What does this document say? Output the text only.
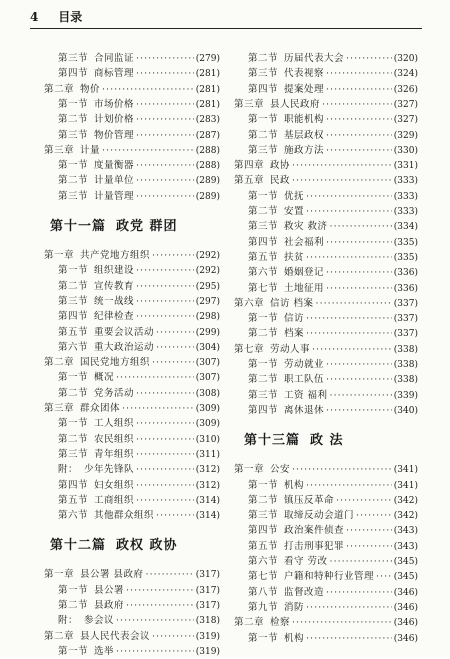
4 目录
第三节 合同监证 ·····	(279)
第四节 商标管理 ·····	(281)
第二章 物价 ·····	(281)
第一节 市场价格 ·····	(281)
第二节 计划价格 ·····	(283)
第三节 物价管理 ·····	(287)
第三章 计量 ·····	(288)
第一节 度量衡器 ·····	(288)
第二节 计量单位 ·····	(289)
第三节 计量管理 ·····	(289)
第十一篇 政党 群团
第一章 共产党地方组织 ·····	(292)
第一节 组织建设 ·····	(292)
第二节 宣传教育 ·····	(295)
第三节 统一战线 ·····	(297)
第四节 纪律检查 ·····	(298)
第五节 重要会议活动 ·····	(299)
第六节 重大政治运动 ·····	(304)
第二章 国民党地方组织 ·····	(307)
第一节 概况 ·····	(307)
第二节 党务活动 ·····	(308)
第三章 群众团体 ·····	(309)
第一节 工人组织 ·····	(309)
第二节 农民组织 ·····	(310)
第三节 青年组织 ·····	(311)
附： 少年先锋队 ·····	(312)
第四节 妇女组织 ·····	(312)
第五节 工商组织 ·····	(314)
第六节 其他群众组织 ·····	(314)
第十二篇 政权 政协
第一章 县公署 县政府 ·····	(317)
第一节 县公署 ·····	(317)
第二节 县政府 ·····	(317)
附： 参会议 ·····	(318)
第二章 县人民代表会议 ·····	(319)
第一节 选举 ·····	(319)
第二节 历届代表大会 ·····	(320)
第三节 代表视察 ·····	(324)
第四节 提案处理 ·····	(326)
第三章 县人民政府 ·····	(327)
第一节 职能机构 ·····	(327)
第二节 基层政权 ·····	(329)
第三节 施政方法 ·····	(330)
第四章 政协 ·····	(331)
第五章 民政 ·····	(333)
第一节 优抚 ·····	(333)
第二节 安置 ·····	(333)
第三节 救灾 救济 ·····	(334)
第四节 社会福利 ·····	(335)
第五节 扶贫 ·····	(335)
第六节 婚姻登记 ·····	(336)
第七节 土地征用 ·····	(336)
第六章 信访 档案 ·····	(337)
第一节 信访 ·····	(337)
第二节 档案 ·····	(337)
第七章 劳动人事 ·····	(338)
第一节 劳动就业 ·····	(338)
第二节 职工队伍 ·····	(338)
第三节 工资 福利 ·····	(339)
第四节 离休退休 ·····	(340)
第十三篇 政 法
第一章 公安 ·····	(341)
第一节 机构 ·····	(341)
第二节 镇压反革命 ·····	(342)
第三节 取缔反动会道门 ·····	(342)
第四节 政治案件侦查 ·····	(343)
第五节 打击刑事犯罪 ·····	(343)
第六节 看守 劳改 ·····	(345)
第七节 户籍和特种行业管理 ····· (345)
第八节 监督改造 ·····	(346)
第九节 消防 ·····	(346)
第二章 检察 ·····	(346)
第一节 机构 ·····	(346)
